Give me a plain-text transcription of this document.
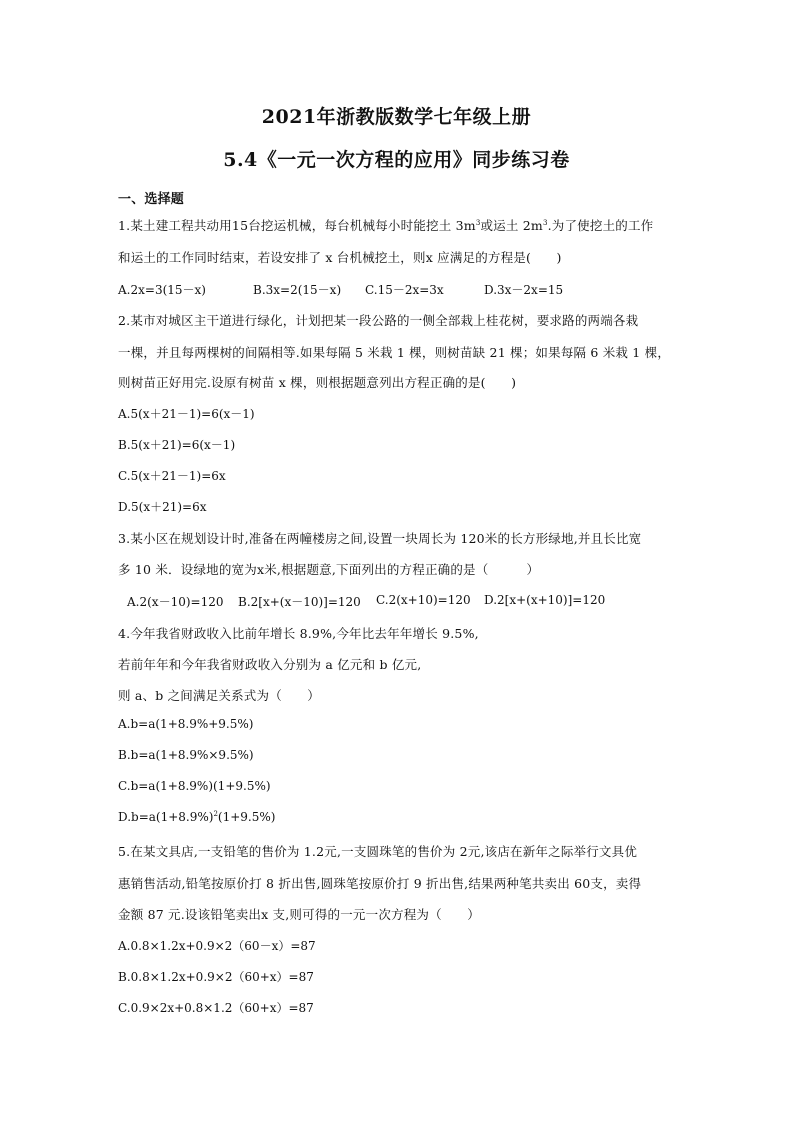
2021年浙教版数学七年级上册
5.4《一元一次方程的应用》同步练习卷
一、选择题
1.某土建工程共动用15台挖运机械，每台机械每小时能挖土 $3m^3$或运土 $2m^3$.为了使挖土的工作
和运土的工作同时结束，若设安排了 x 台机械挖土，则x 应满足的方程是(　　)
A.2x=3(15－x)	B.3x=2(15－x) C.15－2x=3x	D.3x－2x=15
2.某市对城区主干道进行绿化，计划把某一段公路的一侧全部栽上桂花树，要求路的两端各栽
一棵，并且每两棵树的间隔相等.如果每隔 5 米栽 1 棵，则树苗缺 21 棵；如果每隔 6 米栽 1 棵，
则树苗正好用完.设原有树苗 x 棵，则根据题意列出方程正确的是(　　)
A.5(x＋21－1)=6(x－1)
B.5(x＋21)=6(x－1)
C.5(x＋21－1)=6x
D.5(x＋21)=6x
3.某小区在规划设计时,准备在两幢楼房之间,设置一块周长为 120米的长方形绿地,并且长比宽
多 10 米．设绿地的宽为x米,根据题意,下面列出的方程正确的是（　　　）
A.2(x－10)=120 B.2[x+(x－10)]=120 C.2(x+10)=120 D.2[x+(x+10)]=120
4.今年我省财政收入比前年增长 8.9%,今年比去年年增长 9.5%,
若前年年和今年我省财政收入分别为 a 亿元和 b 亿元,
则 a、b 之间满足关系式为（　　）
A.b=a(1+8.9%+9.5%)
B.b=a(1+8.9%×9.5%)
C.b=a(1+8.9%)(1+9.5%)
$D.b=a(1+8.9\%)^2(1+9.5\%)$
5.在某文具店,一支铅笔的售价为 1.2元,一支圆珠笔的售价为 2元,该店在新年之际举行文具优
惠销售活动,铅笔按原价打 8 折出售,圆珠笔按原价打 9 折出售,结果两种笔共卖出 60支，卖得
金额 87 元.设该铅笔卖出x 支,则可得的一元一次方程为（　　）
A.0.8×1.2x+0.9×2（60－x）=87
B.0.8×1.2x+0.9×2（60+x）=87
C.0.9×2x+0.8×1.2（60+x）=87
